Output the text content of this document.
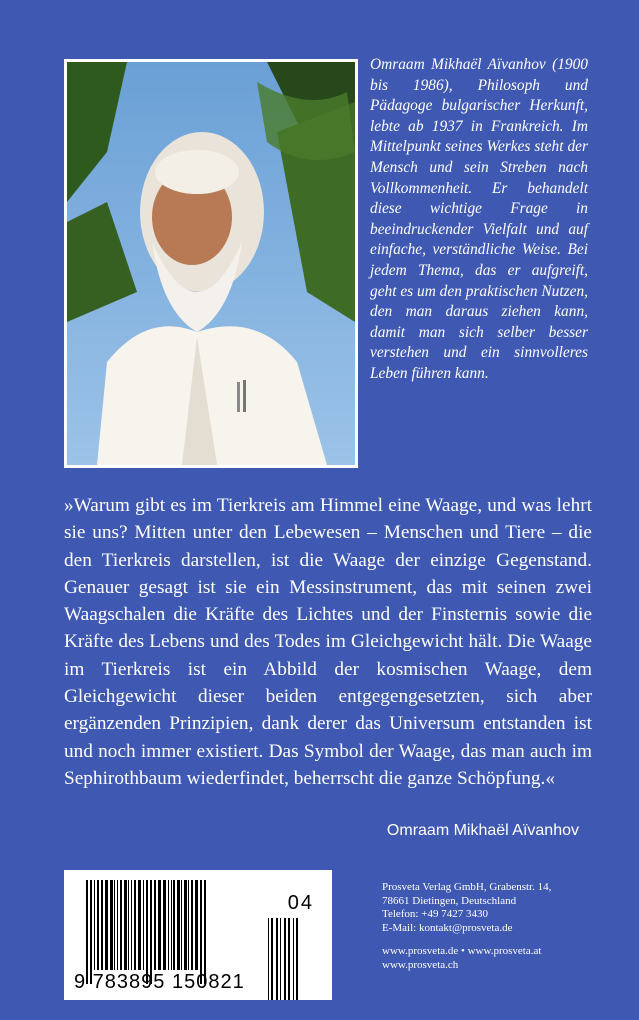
Omraam Mikhaël Aïvanhov (1900 bis 1986), Philosoph und Pädagoge bulgarischer Herkunft, lebte ab 1937 in Frankreich. Im Mittelpunkt seines Werkes steht der Mensch und sein Streben nach Vollkommenheit. Er behandelt diese wichtige Frage in beeindruckender Vielfalt und auf einfache, verständliche Weise. Bei jedem Thema, das er aufgreift, geht es um den praktischen Nutzen, den man daraus ziehen kann, damit man sich selber besser verstehen und ein sinnvolleres Leben führen kann.
»Warum gibt es im Tierkreis am Himmel eine Waage, und was lehrt sie uns? Mitten unter den Lebewesen – Menschen und Tiere – die den Tierkreis darstellen, ist die Waage der einzige Gegenstand. Genauer gesagt ist sie ein Messinstrument, das mit seinen zwei Waagschalen die Kräfte des Lichtes und der Finsternis sowie die Kräfte des Lebens und des Todes im Gleichgewicht hält. Die Waage im Tierkreis ist ein Abbild der kosmischen Waage, dem Gleichgewicht dieser beiden entgegengesetzten, sich aber ergänzenden Prinzipien, dank derer das Universum entstanden ist und noch immer existiert. Das Symbol der Waage, das man auch im Sephirothbaum wiederfindet, beherrscht die ganze Schöpfung.«
Omraam Mikhaël Aïvanhov
9 783895 150821
04
Prosveta Verlag GmbH, Grabenstr. 14,
78661 Dietingen, Deutschland
Telefon: +49 7427 3430
E-Mail: kontakt@prosveta.de
www.prosveta.de • www.prosveta.at
www.prosveta.ch
